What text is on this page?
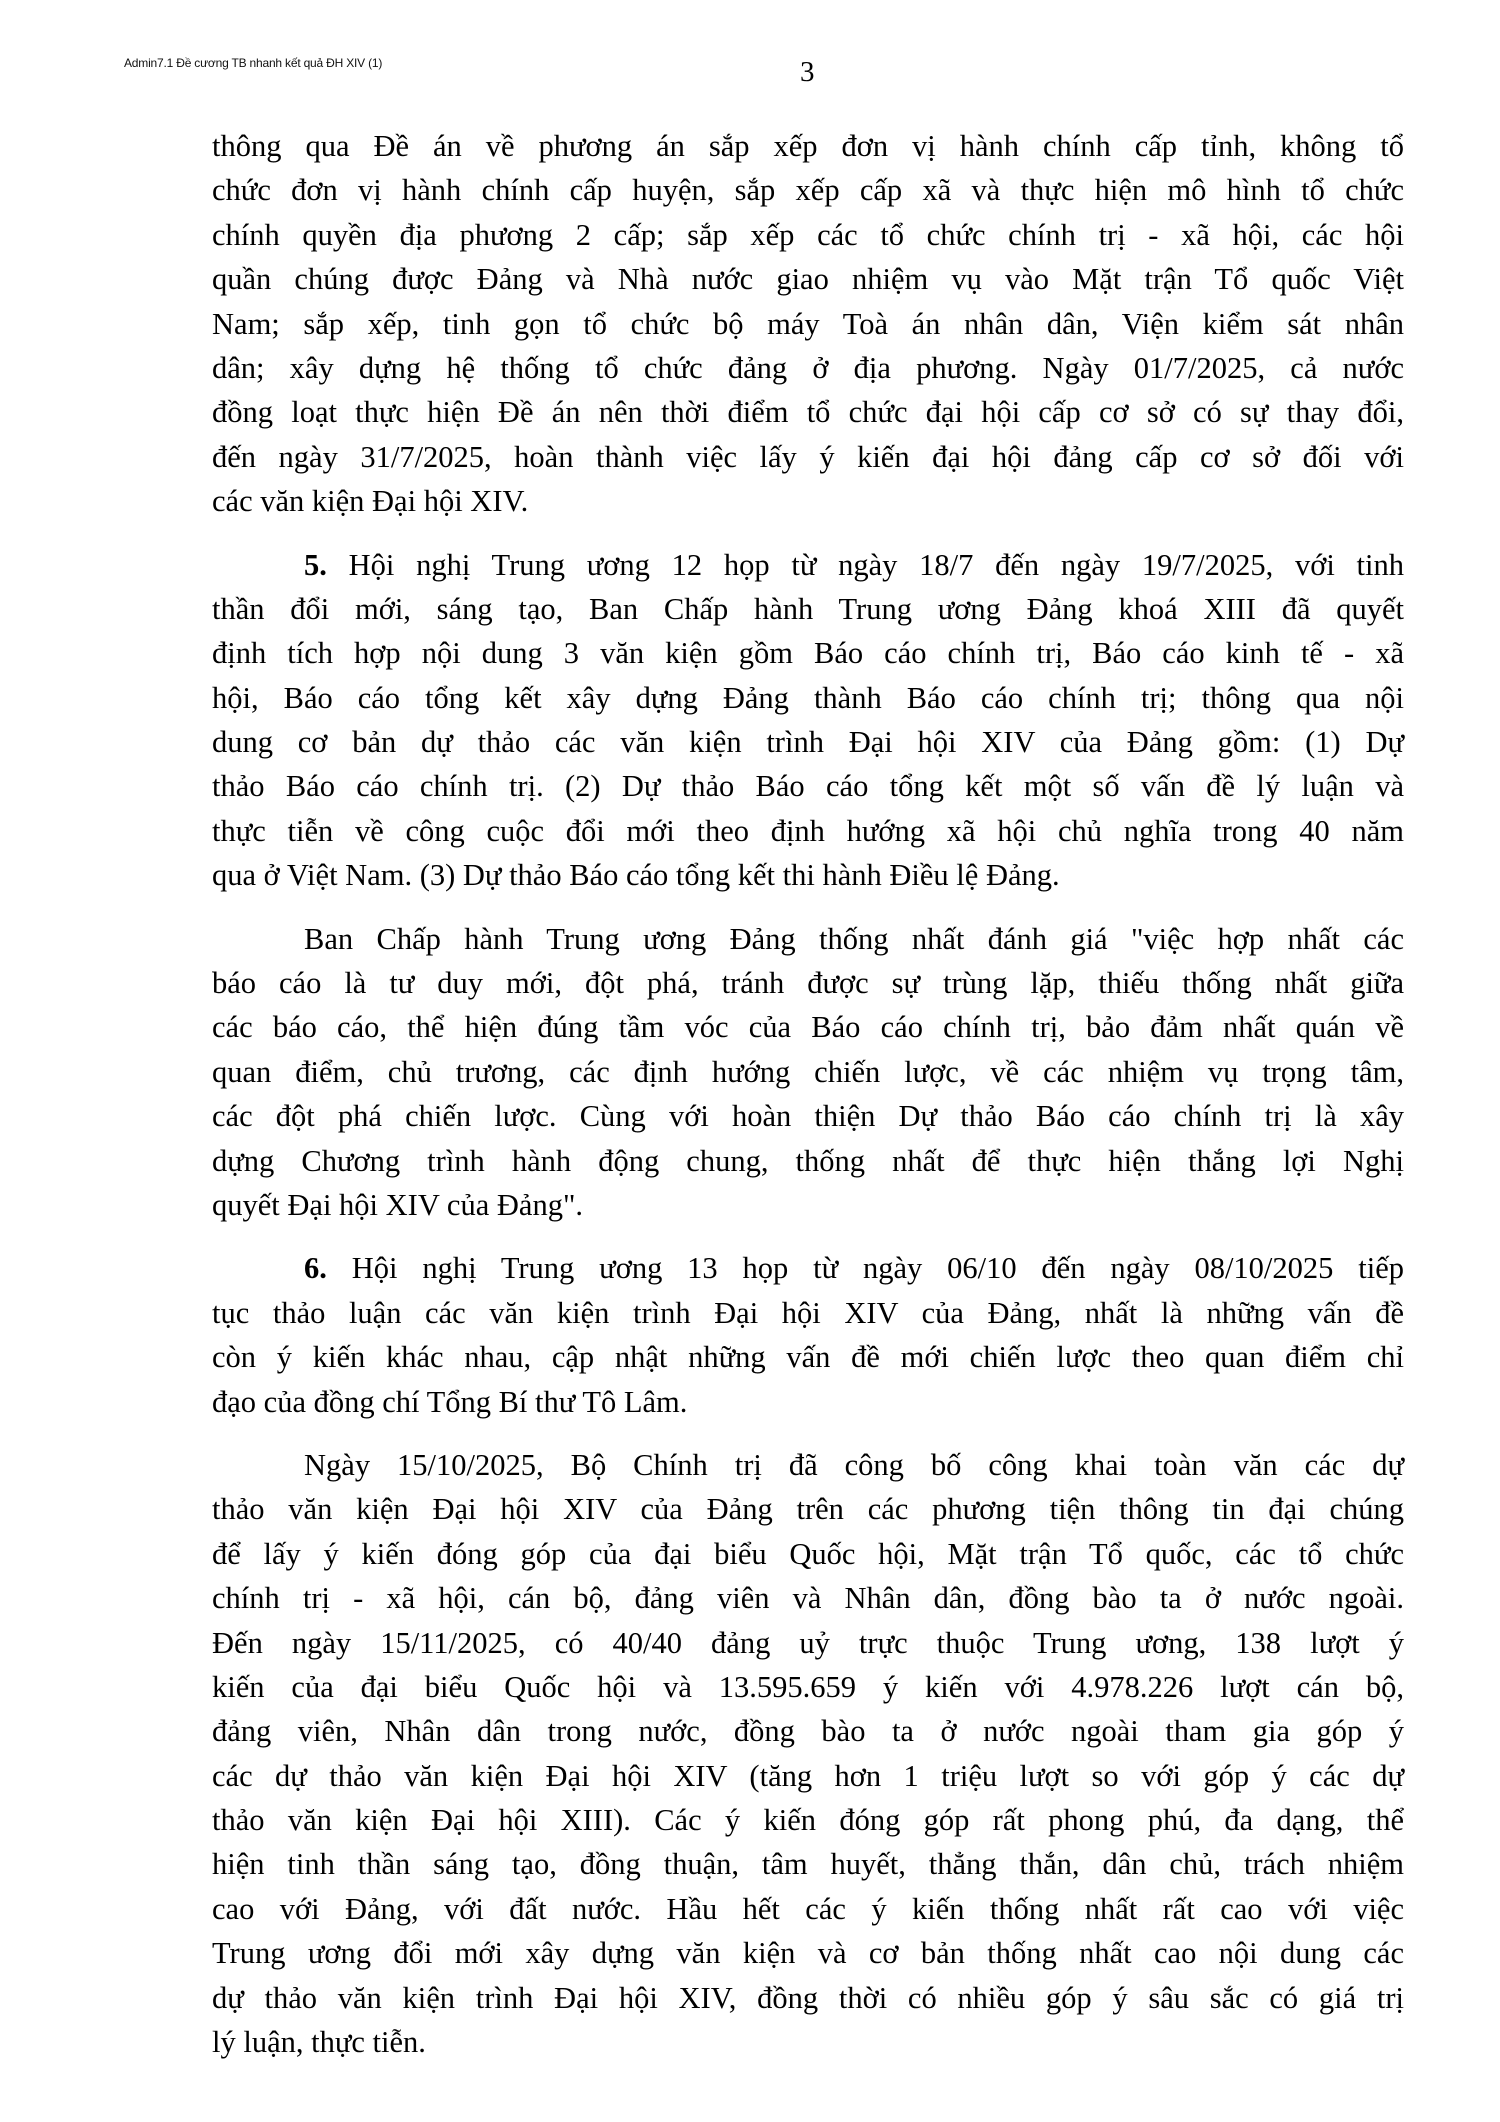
Admin7.1 Đề cương TB nhanh kết quả ĐH XIV (1)	3
thông qua Đề án về phương án sắp xếp đơn vị hành chính cấp tỉnh, không tổ
chức đơn vị hành chính cấp huyện, sắp xếp cấp xã và thực hiện mô hình tổ chức
chính quyền địa phương 2 cấp; sắp xếp các tổ chức chính trị - xã hội, các hội
quần chúng được Đảng và Nhà nước giao nhiệm vụ vào Mặt trận Tổ quốc Việt
Nam; sắp xếp, tinh gọn tổ chức bộ máy Toà án nhân dân, Viện kiểm sát nhân
dân; xây dựng hệ thống tổ chức đảng ở địa phương. Ngày 01/7/2025, cả nước
đồng loạt thực hiện Đề án nên thời điểm tổ chức đại hội cấp cơ sở có sự thay đổi,
đến ngày 31/7/2025, hoàn thành việc lấy ý kiến đại hội đảng cấp cơ sở đối với
các văn kiện Đại hội XIV.
5. Hội nghị Trung ương 12 họp từ ngày 18/7 đến ngày 19/7/2025, với tinh
thần đổi mới, sáng tạo, Ban Chấp hành Trung ương Đảng khoá XIII đã quyết
định tích hợp nội dung 3 văn kiện gồm Báo cáo chính trị, Báo cáo kinh tế - xã
hội, Báo cáo tổng kết xây dựng Đảng thành Báo cáo chính trị; thông qua nội
dung cơ bản dự thảo các văn kiện trình Đại hội XIV của Đảng gồm: (1) Dự
thảo Báo cáo chính trị. (2) Dự thảo Báo cáo tổng kết một số vấn đề lý luận và
thực tiễn về công cuộc đổi mới theo định hướng xã hội chủ nghĩa trong 40 năm
qua ở Việt Nam. (3) Dự thảo Báo cáo tổng kết thi hành Điều lệ Đảng.
Ban Chấp hành Trung ương Đảng thống nhất đánh giá "việc hợp nhất các
báo cáo là tư duy mới, đột phá, tránh được sự trùng lặp, thiếu thống nhất giữa
các báo cáo, thể hiện đúng tầm vóc của Báo cáo chính trị, bảo đảm nhất quán về
quan điểm, chủ trương, các định hướng chiến lược, về các nhiệm vụ trọng tâm,
các đột phá chiến lược. Cùng với hoàn thiện Dự thảo Báo cáo chính trị là xây
dựng Chương trình hành động chung, thống nhất để thực hiện thắng lợi Nghị
quyết Đại hội XIV của Đảng".
6. Hội nghị Trung ương 13 họp từ ngày 06/10 đến ngày 08/10/2025 tiếp
tục thảo luận các văn kiện trình Đại hội XIV của Đảng, nhất là những vấn đề
còn ý kiến khác nhau, cập nhật những vấn đề mới chiến lược theo quan điểm chỉ
đạo của đồng chí Tổng Bí thư Tô Lâm.
Ngày 15/10/2025, Bộ Chính trị đã công bố công khai toàn văn các dự
thảo văn kiện Đại hội XIV của Đảng trên các phương tiện thông tin đại chúng
để lấy ý kiến đóng góp của đại biểu Quốc hội, Mặt trận Tổ quốc, các tổ chức
chính trị - xã hội, cán bộ, đảng viên và Nhân dân, đồng bào ta ở nước ngoài.
Đến ngày 15/11/2025, có 40/40 đảng uỷ trực thuộc Trung ương, 138 lượt ý
kiến của đại biểu Quốc hội và 13.595.659 ý kiến với 4.978.226 lượt cán bộ,
đảng viên, Nhân dân trong nước, đồng bào ta ở nước ngoài tham gia góp ý
các dự thảo văn kiện Đại hội XIV (tăng hơn 1 triệu lượt so với góp ý các dự
thảo văn kiện Đại hội XIII). Các ý kiến đóng góp rất phong phú, đa dạng, thể
hiện tinh thần sáng tạo, đồng thuận, tâm huyết, thẳng thắn, dân chủ, trách nhiệm
cao với Đảng, với đất nước. Hầu hết các ý kiến thống nhất rất cao với việc
Trung ương đổi mới xây dựng văn kiện và cơ bản thống nhất cao nội dung các
dự thảo văn kiện trình Đại hội XIV, đồng thời có nhiều góp ý sâu sắc có giá trị
lý luận, thực tiễn.
